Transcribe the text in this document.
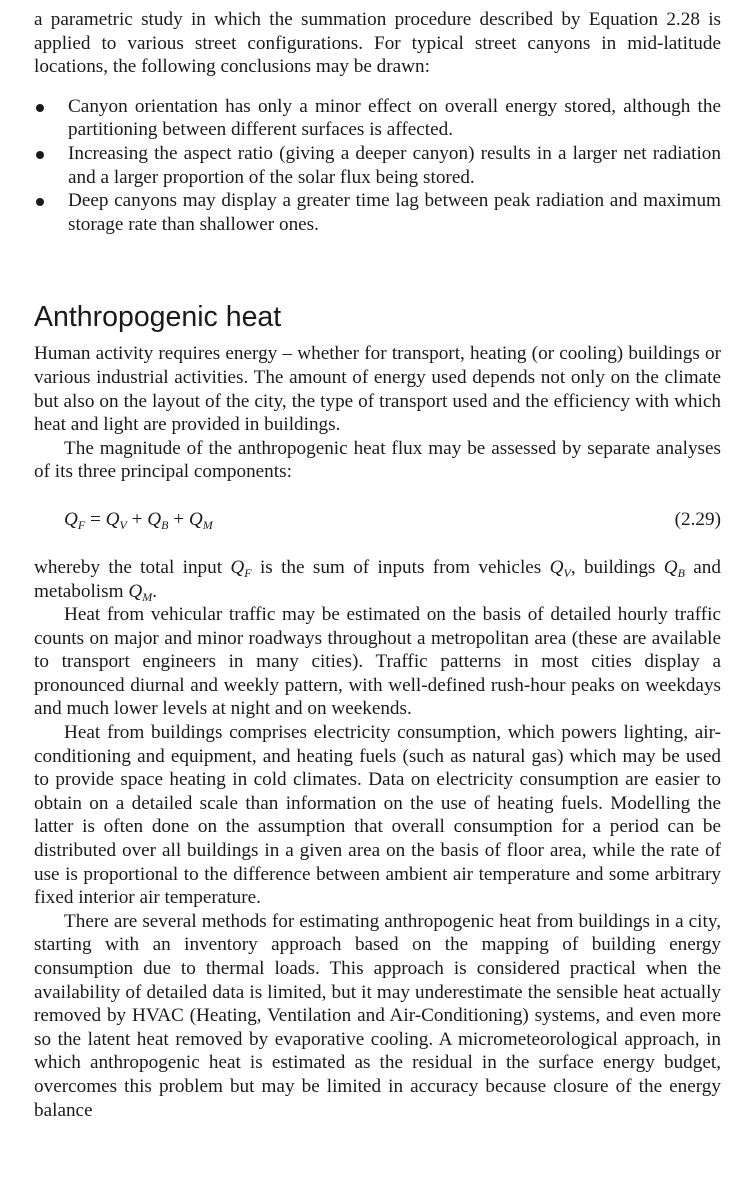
a parametric study in which the summation procedure described by Equation 2.28 is applied to various street configurations. For typical street canyons in mid-latitude locations, the following conclusions may be drawn:

Canyon orientation has only a minor effect on overall energy stored, although the partitioning between different surfaces is affected.
Increasing the aspect ratio (giving a deeper canyon) results in a larger net radiation and a larger proportion of the solar flux being stored.
Deep canyons may display a greater time lag between peak radiation and maximum storage rate than shallower ones.
Anthropogenic heat

Human activity requires energy – whether for transport, heating (or cooling) buildings or various industrial activities. The amount of energy used depends not only on the climate but also on the layout of the city, the type of transport used and the efficiency with which heat and light are provided in buildings.

The magnitude of the anthropogenic heat flux may be assessed by separate analyses of its three principal components:

$Q_F = Q_V + Q_B + Q_M$	(2.29)

whereby the total input $Q_F$ is the sum of inputs from vehicles $Q_V$, buildings $Q_B$ and metabolism $Q_M$.

Heat from vehicular traffic may be estimated on the basis of detailed hourly traffic counts on major and minor roadways throughout a metropolitan area (these are available to transport engineers in many cities). Traffic patterns in most cities display a pronounced diurnal and weekly pattern, with well-defined rush-hour peaks on weekdays and much lower levels at night and on weekends.

Heat from buildings comprises electricity consumption, which powers lighting, air-conditioning and equipment, and heating fuels (such as natural gas) which may be used to provide space heating in cold climates. Data on electricity consumption are easier to obtain on a detailed scale than information on the use of heating fuels. Modelling the latter is often done on the assumption that overall consumption for a period can be distributed over all buildings in a given area on the basis of floor area, while the rate of use is proportional to the difference between ambient air temperature and some arbitrary fixed interior air temperature.

There are several methods for estimating anthropogenic heat from buildings in a city, starting with an inventory approach based on the mapping of building energy consumption due to thermal loads. This approach is considered practical when the availability of detailed data is limited, but it may underestimate the sensible heat actually removed by HVAC (Heating, Ventilation and Air-Conditioning) systems, and even more so the latent heat removed by evaporative cooling. A micrometeorological approach, in which anthropogenic heat is estimated as the residual in the surface energy budget, overcomes this problem but may be limited in accuracy because closure of the energy balance
